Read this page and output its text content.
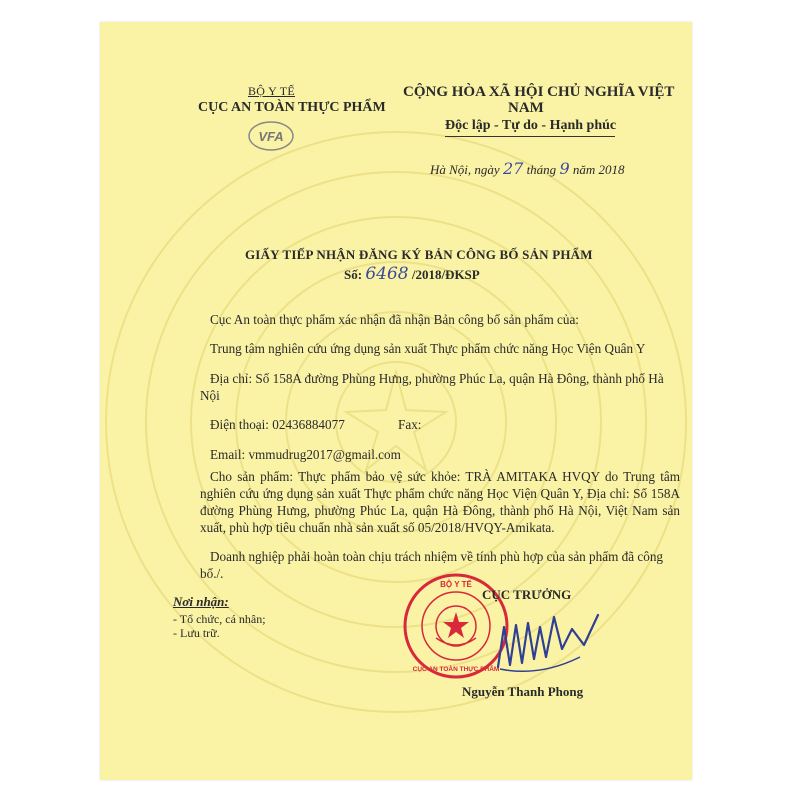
BỘ Y TẾ
CỤC AN TOÀN THỰC PHẨM
VFA
CỘNG HÒA XÃ HỘI CHỦ NGHĨA VIỆT
NAM
Độc lập - Tự do - Hạnh phúc
Hà Nội, ngày 27 tháng 9 năm 2018
GIẤY TIẾP NHẬN ĐĂNG KÝ BẢN CÔNG BỐ SẢN PHẨM
Số: 6468 /2018/ĐKSP
Cục An toàn thực phẩm xác nhận đã nhận Bản công bố sản phẩm của:
Trung tâm nghiên cứu ứng dụng sản xuất Thực phẩm chức năng Học Viện Quân Y
Địa chỉ: Số 158A đường Phùng Hưng, phường Phúc La, quận Hà Đông, thành phố Hà
Nội
Điện thoại: 02436884077	Fax:
Email: vmmudrug2017@gmail.com
Cho sản phẩm: Thực phẩm bảo vệ sức khỏe: TRÀ AMITAKA HVQY do Trung tâm nghiên cứu ứng dụng sản xuất Thực phẩm chức năng Học Viện Quân Y, Địa chỉ: Số 158A đường Phùng Hưng, phường Phúc La, quận Hà Đông, thành phố Hà Nội, Việt Nam sản xuất, phù hợp tiêu chuẩn nhà sản xuất số 05/2018/HVQY-Amikata.
Doanh nghiệp phải hoàn toàn chịu trách nhiệm về tính phù hợp của sản phẩm đã công
bố./.
Nơi nhận:
- Tổ chức, cá nhân;
- Lưu trữ.
BỘ Y TẾ
CỤC AN TOÀN THỰC PHẨM
CỤC TRƯỞNG
Nguyễn Thanh Phong
